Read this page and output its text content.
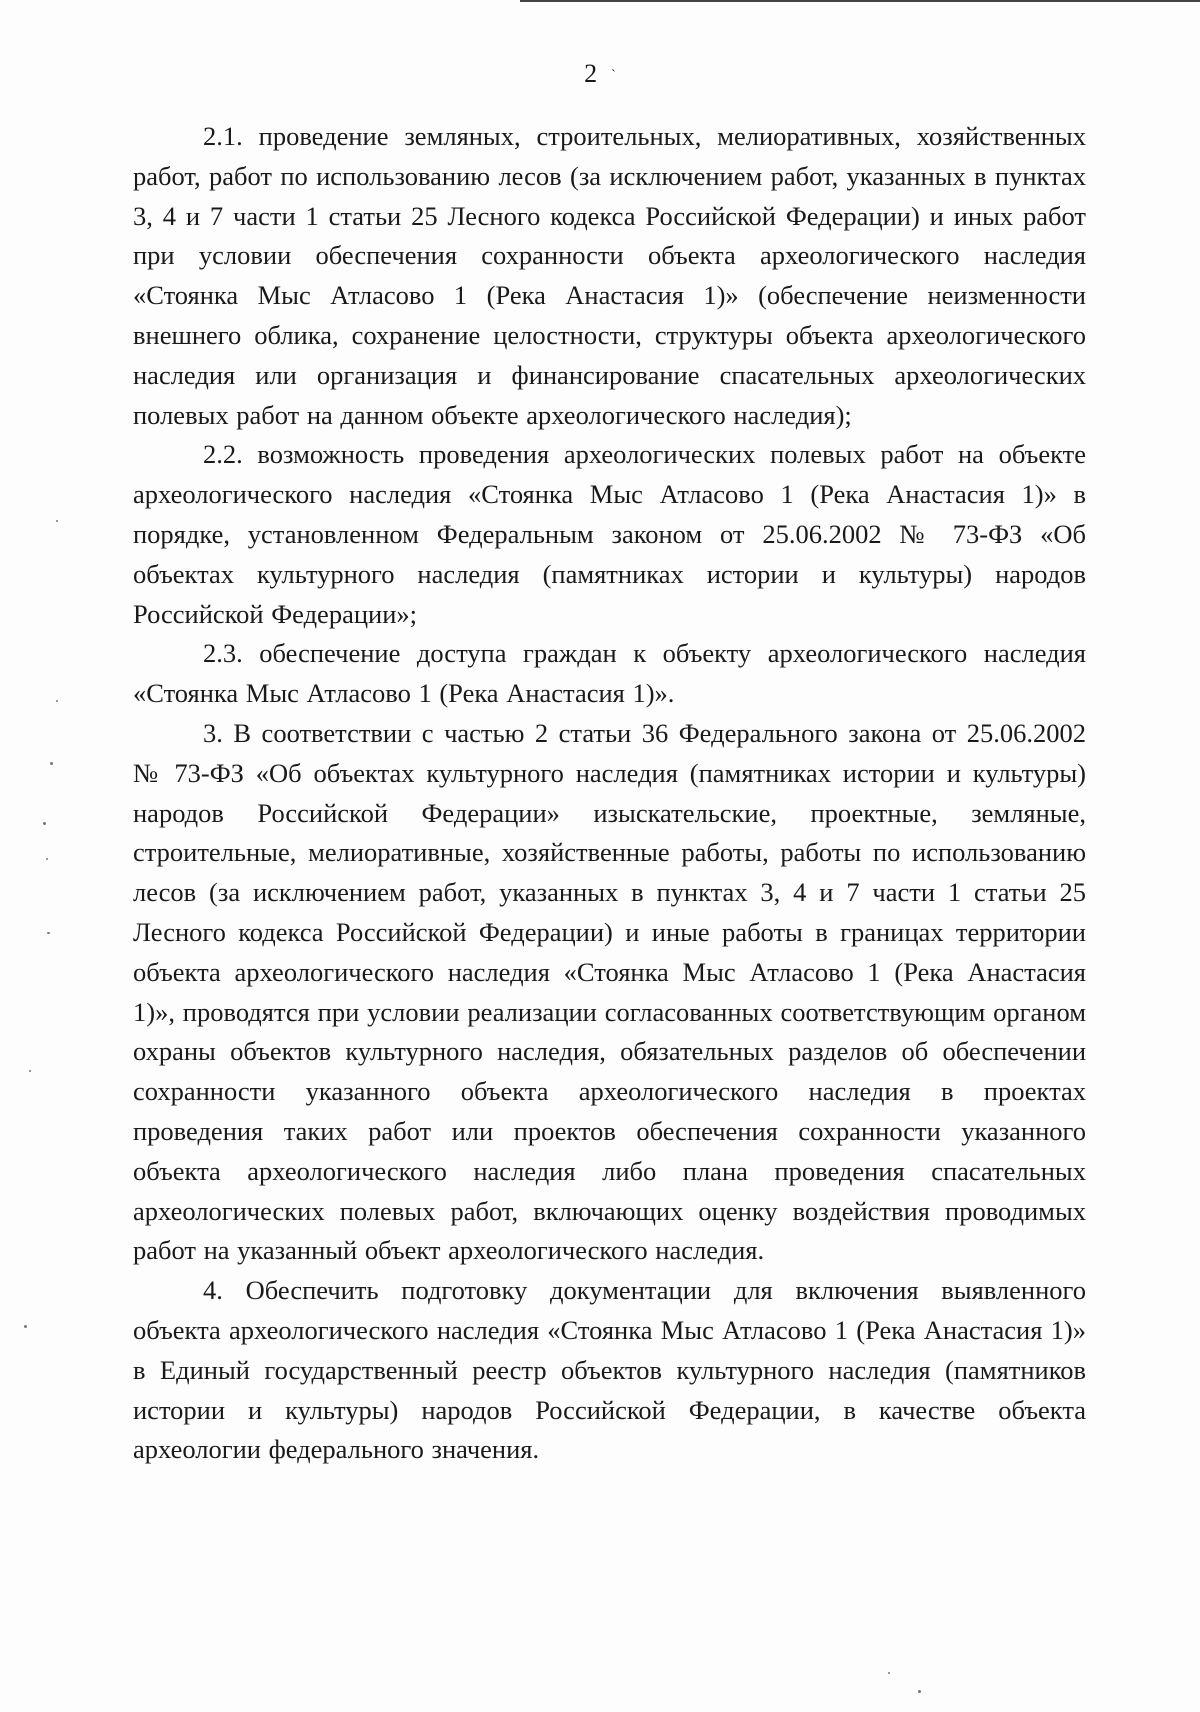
2 `

2.1. проведение земляных, строительных, мелиоративных, хозяйственных работ, работ по использованию лесов (за исключением работ, указанных в пунктах 3, 4 и 7 части 1 статьи 25 Лесного кодекса Российской Федерации) и иных работ при условии обеспечения сохранности объекта археологического наследия «Стоянка Мыс Атласово 1 (Река Анастасия 1)» (обеспечение неизменности внешнего облика, сохранение целостности, структуры объекта археологического наследия или организация и финансирование спасательных археологических полевых работ на данном объекте археологического наследия);

2.2. возможность проведения археологических полевых работ на объекте археологического наследия «Стоянка Мыс Атласово 1 (Река Анастасия 1)» в порядке, установленном Федеральным законом от 25.06.2002 № 73-ФЗ «Об объектах культурного наследия (памятниках истории и культуры) народов Российской Федерации»;

2.3. обеспечение доступа граждан к объекту археологического наследия «Стоянка Мыс Атласово 1 (Река Анастасия 1)».

3. В соответствии с частью 2 статьи 36 Федерального закона от 25.06.2002 № 73-ФЗ «Об объектах культурного наследия (памятниках истории и культуры) народов Российской Федерации» изыскательские, проектные, земляные, строительные, мелиоративные, хозяйственные работы, работы по использованию лесов (за исключением работ, указанных в пунктах 3, 4 и 7 части 1 статьи 25 Лесного кодекса Российской Федерации) и иные работы в границах территории объекта археологического наследия «Стоянка Мыс Атласово 1 (Река Анастасия 1)», проводятся при условии реализации согласованных соответствующим органом охраны объектов культурного наследия, обязательных разделов об обеспечении сохранности указанного объекта археологического наследия в проектах проведения таких работ или проектов обеспечения сохранности указанного объекта археологического наследия либо плана проведения спасательных археологических полевых работ, включающих оценку воздействия проводимых работ на указанный объект археологического наследия.

4. Обеспечить подготовку документации для включения выявленного объекта археологического наследия «Стоянка Мыс Атласово 1 (Река Анастасия 1)» в Единый государственный реестр объектов культурного наследия (памятников истории и культуры) народов Российской Федерации, в качестве объекта археологии федерального значения.
